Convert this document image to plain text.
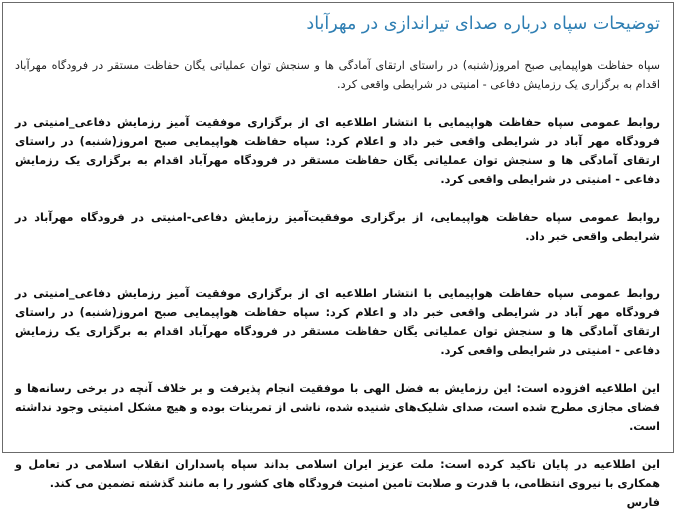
توضیحات سپاه درباره صدای تیراندازی در مهرآباد

سپاه حفاظت هواپیمایی صبح امروز(شنبه) در راستای ارتقای آمادگی ها و سنجش توان عملیاتی یگان حفاظت مستقر در فرودگاه مهرآباد اقدام به برگزاری یک رزمایش دفاعی - امنیتی در شرایطی واقعی کرد.

روابط عمومی سپاه حفاظت هواپیمایی با انتشار اطلاعیه ای از برگزاری موفقیت آمیز رزمایش دفاعی_امنیتی در فرودگاه مهر آباد در شرایطی واقعی خبر داد و اعلام کرد: سپاه حفاظت هواپیمایی صبح امروز(شنبه) در راستای ارتقای آمادگی ها و سنجش توان عملیاتی یگان حفاظت مستقر در فرودگاه مهرآباد اقدام به برگزاری یک رزمایش دفاعی - امنیتی در شرایطی واقعی کرد.

روابط عمومی سپاه حفاظت هواپیمایی، از برگزاری موفقیت‌آمیز رزمایش دفاعی-امنیتی در فرودگاه مهرآباد در شرایطی واقعی خبر داد.

روابط عمومی سپاه حفاظت هواپیمایی با انتشار اطلاعیه ای از برگزاری موفقیت آمیز رزمایش دفاعی_امنیتی در فرودگاه مهر آباد در شرایطی واقعی خبر داد و اعلام کرد: سپاه حفاظت هواپیمایی صبح امروز(شنبه) در راستای ارتقای آمادگی ها و سنجش توان عملیاتی یگان حفاظت مستقر در فرودگاه مهرآباد اقدام به برگزاری یک رزمایش دفاعی - امنیتی در شرایطی واقعی کرد.

این اطلاعیه افزوده است: این رزمایش به فضل الهی با موفقیت انجام پذیرفت و بر خلاف آنچه در برخی رسانه‌ها و فضای مجازی مطرح شده است، صدای شلیک‌های شنیده شده، ناشی از تمرینات بوده و هیچ مشکل امنیتی وجود نداشته است.

این اطلاعیه در پایان تاکید کرده است: ملت عزیز ایران اسلامی بداند سپاه پاسداران انقلاب اسلامی در تعامل و همکاری با نیروی انتظامی، با قدرت و صلابت تامین امنیت فرودگاه های کشور را به مانند گذشته تضمین می کند.

فارس
